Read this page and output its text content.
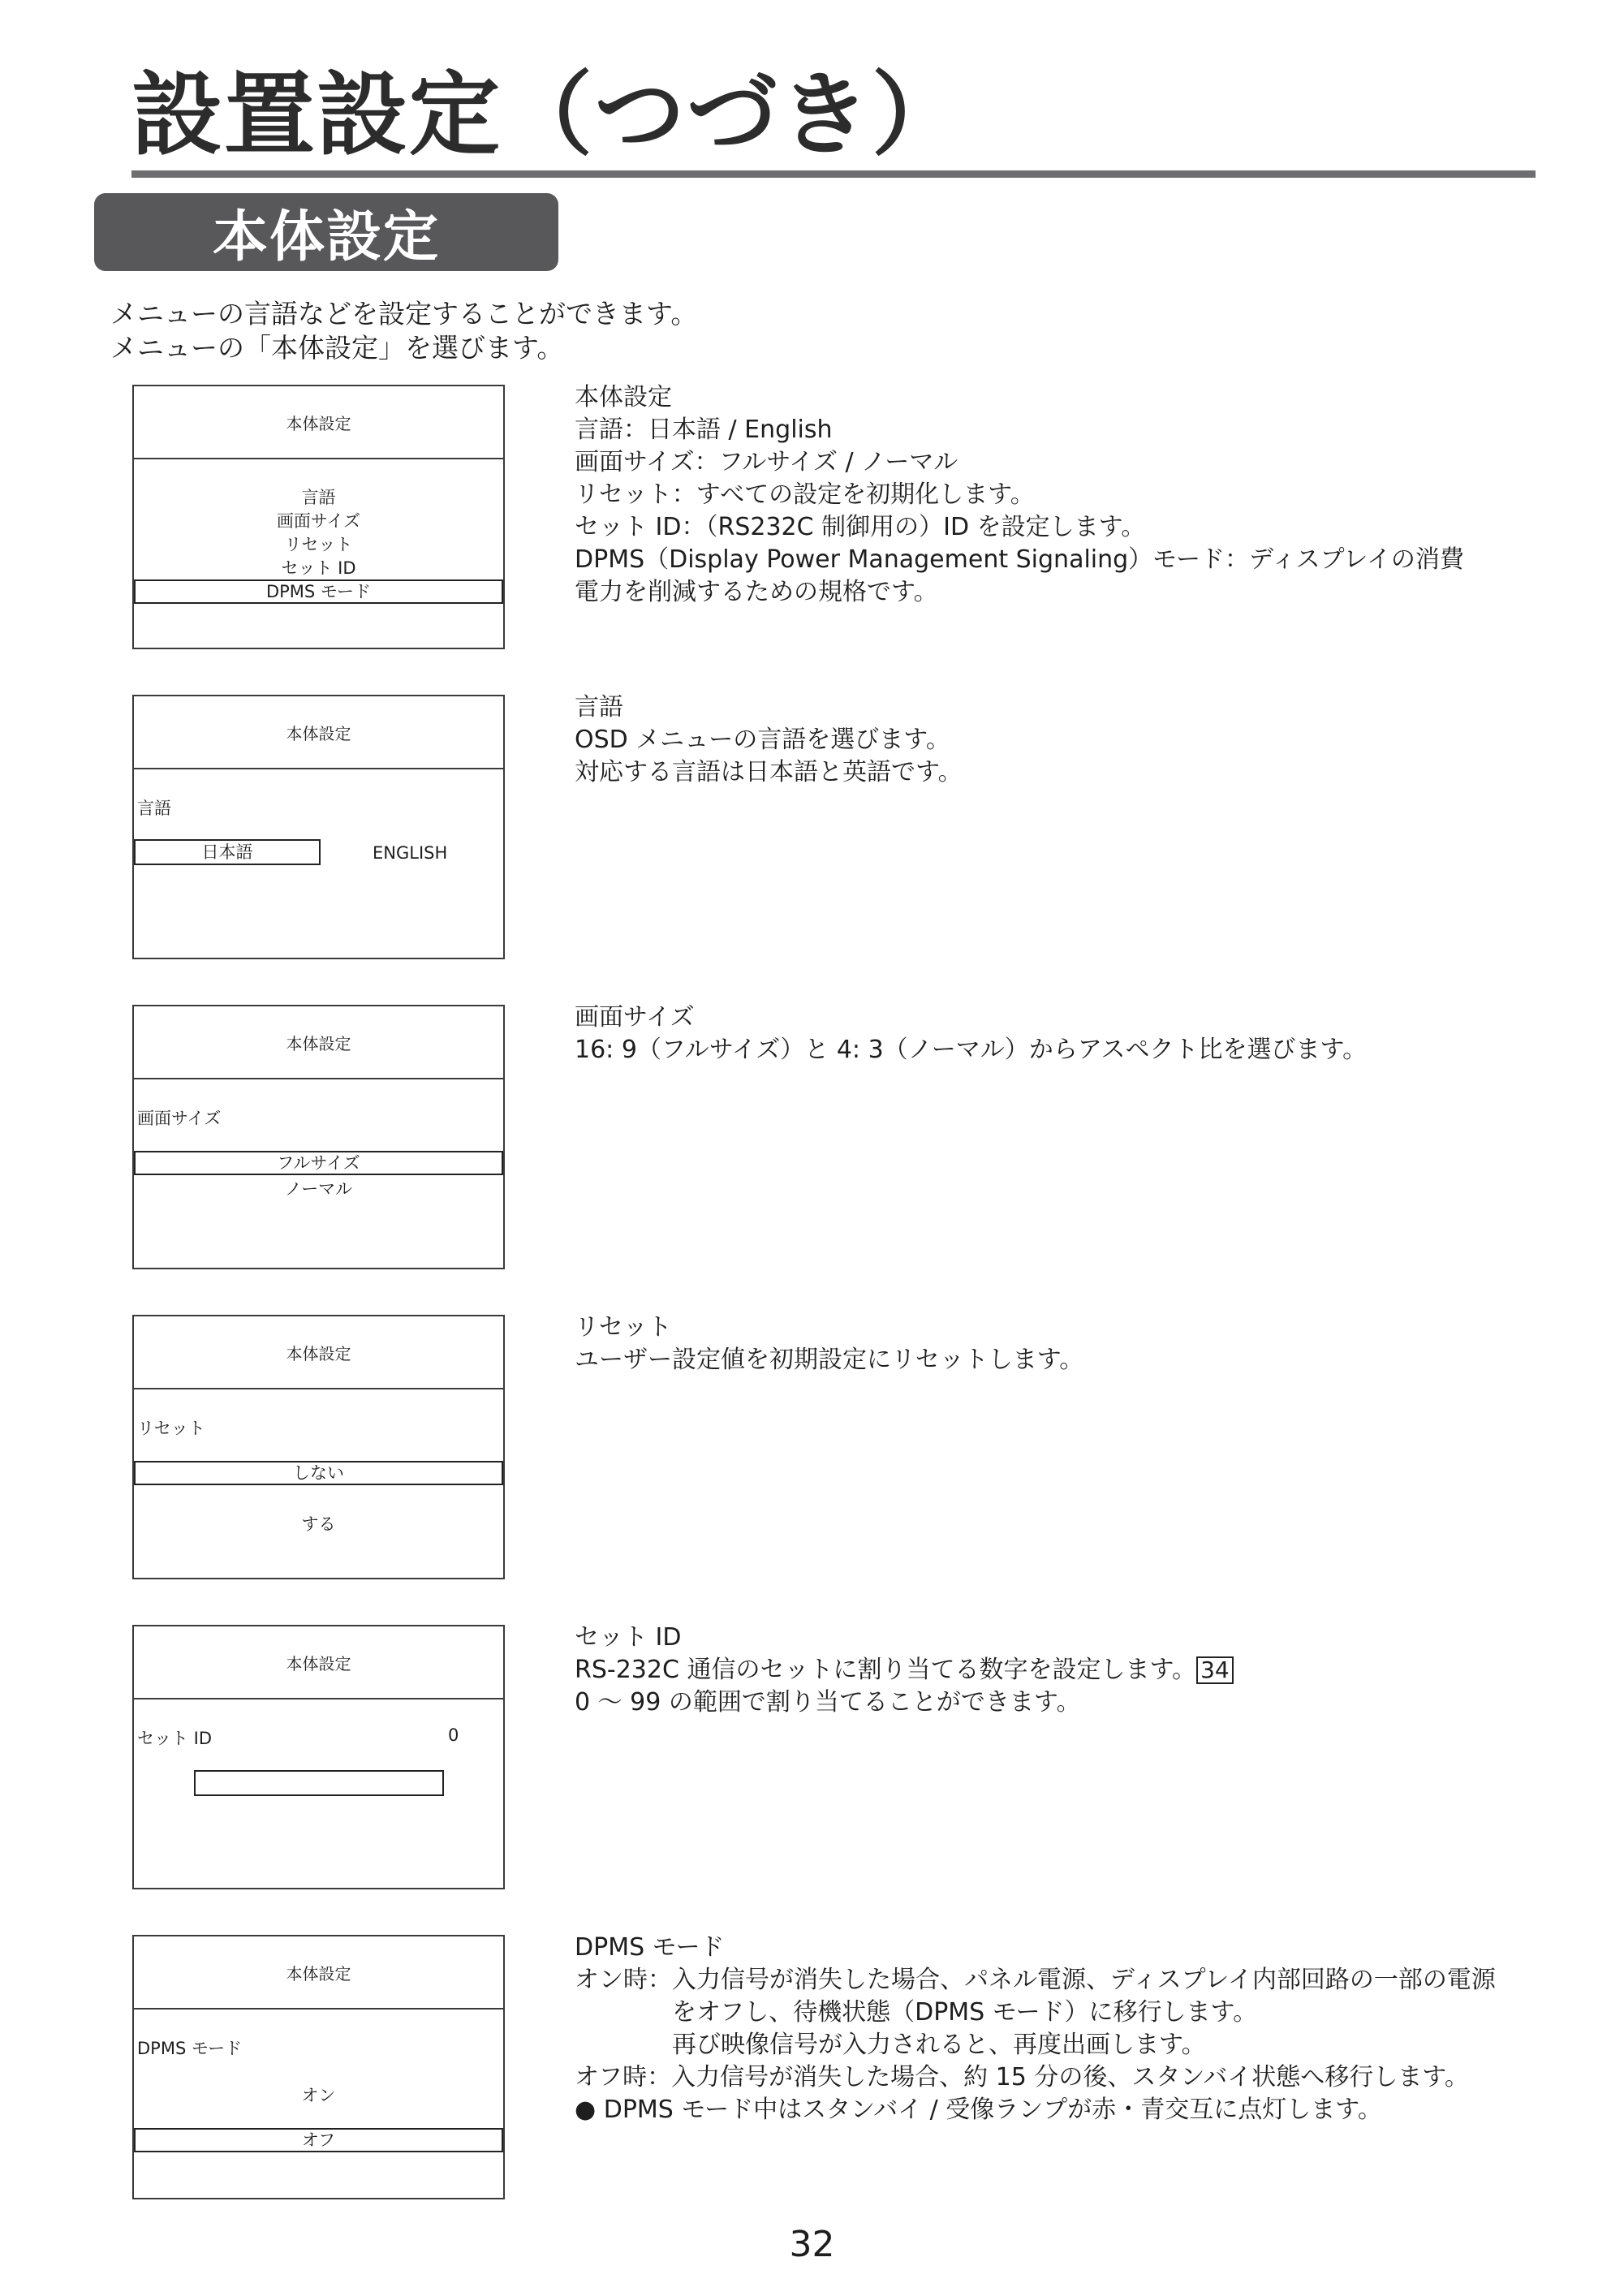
設置設定（つづき）
本体設定

メニューの言語などを設定することができます。

メニューの「本体設定」を選びます。

本体設定
言語
画面サイズ
リセット
セット ID
DPMS モード

本体設定

言語：日本語 / English

画面サイズ：フルサイズ / ノーマル

リセット：すべての設定を初期化します。

セット ID：（RS232C 制御用の）ID を設定します。

DPMS（Display Power Management Signaling）モード：ディスプレイの消費

電力を削減するための規格です。

本体設定
言語
日本語	ENGLISH

言語

OSD メニューの言語を選びます。

対応する言語は日本語と英語です。

本体設定
画面サイズ
フルサイズ
ノーマル

画面サイズ

16: 9（フルサイズ）と 4: 3（ノーマル）からアスペクト比を選びます。

本体設定
リセット
しない
する

リセット

ユーザー設定値を初期設定にリセットします。

本体設定
セット ID	0

セット ID

RS-232C 通信のセットに割り当てる数字を設定します。 34

0 ～ 99 の範囲で割り当てることができます。

本体設定
DPMS モード
オン
オフ

DPMS モード

オン時： 入力信号が消失した場合、パネル電源、ディスプレイ内部回路の一部の電源

をオフし、待機状態（DPMS モード）に移行します。

再び映像信号が入力されると、再度出画します。

オフ時： 入力信号が消失した場合、約 15 分の後、スタンバイ状態へ移行します。

● DPMS モード中はスタンバイ / 受像ランプが赤・青交互に点灯します。

32
